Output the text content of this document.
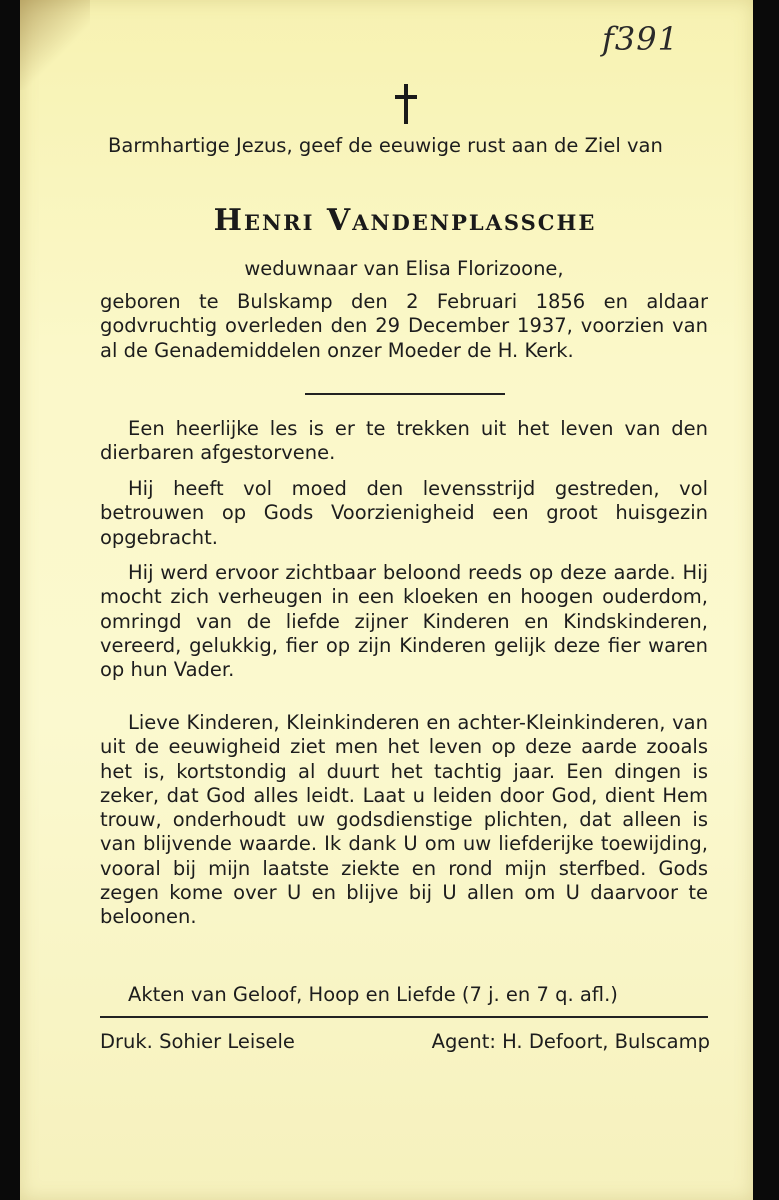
f391
Barmhartige Jezus, geef de eeuwige rust aan de Ziel van
Henri Vandenplassche
weduwnaar van Elisa Florizoone,
geboren te Bulskamp den 2 Februari 1856 en aldaar godvruchtig overleden den 29 December 1937, voorzien van al de Genademiddelen onzer Moeder de H. Kerk.
Een heerlijke les is er te trekken uit het leven van den dierbaren afgestorvene.
Hij heeft vol moed den levensstrijd gestreden, vol betrouwen op Gods Voorzienigheid een groot huisgezin opgebracht.
Hij werd ervoor zichtbaar beloond reeds op deze aarde. Hij mocht zich verheugen in een kloeken en hoogen ouderdom, omringd van de liefde zijner Kinderen en Kindskinderen, vereerd, gelukkig, fier op zijn Kinderen gelijk deze fier waren op hun Vader.
Lieve Kinderen, Kleinkinderen en achter-Kleinkinderen, van uit de eeuwigheid ziet men het leven op deze aarde zooals het is, kortstondig al duurt het tachtig jaar. Een dingen is zeker, dat God alles leidt. Laat u leiden door God, dient Hem trouw, onderhoudt uw godsdienstige plichten, dat alleen is van blijvende waarde. Ik dank U om uw liefderijke toewijding, vooral bij mijn laatste ziekte en rond mijn sterfbed. Gods zegen kome over U en blijve bij U allen om U daarvoor te beloonen.
Akten van Geloof, Hoop en Liefde (7 j. en 7 q. afl.)
Druk. Sohier Leisele	Agent: H. Defoort, Bulscamp
